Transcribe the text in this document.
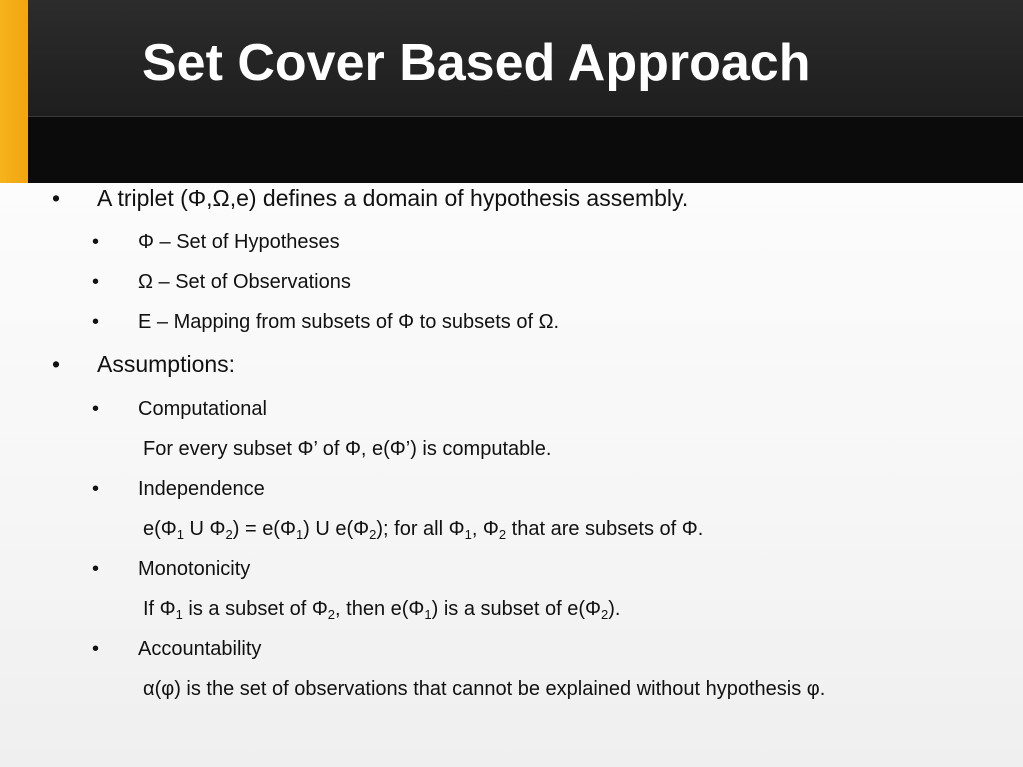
Set Cover Based Approach
• A triplet (Φ,Ω,e) defines a domain of hypothesis assembly.
• Φ – Set of Hypotheses
• Ω – Set of Observations
• E – Mapping from subsets of Φ to subsets of Ω.
• Assumptions:
• Computational
For every subset Φ’ of Φ, e(Φ’) is computable.
• Independence
$e(\Phi_1$ U $\Phi_2) = e(\Phi_1)$ U $e(\Phi_2)$; for all $\Phi_1$, $\Phi_2$ that are subsets of Φ.
• Monotonicity
If $\Phi_1$ is a subset of $\Phi_2$, then $e(\Phi_1)$ is a subset of $e(\Phi_2)$.
• Accountability
α(φ) is the set of observations that cannot be explained without hypothesis φ.
